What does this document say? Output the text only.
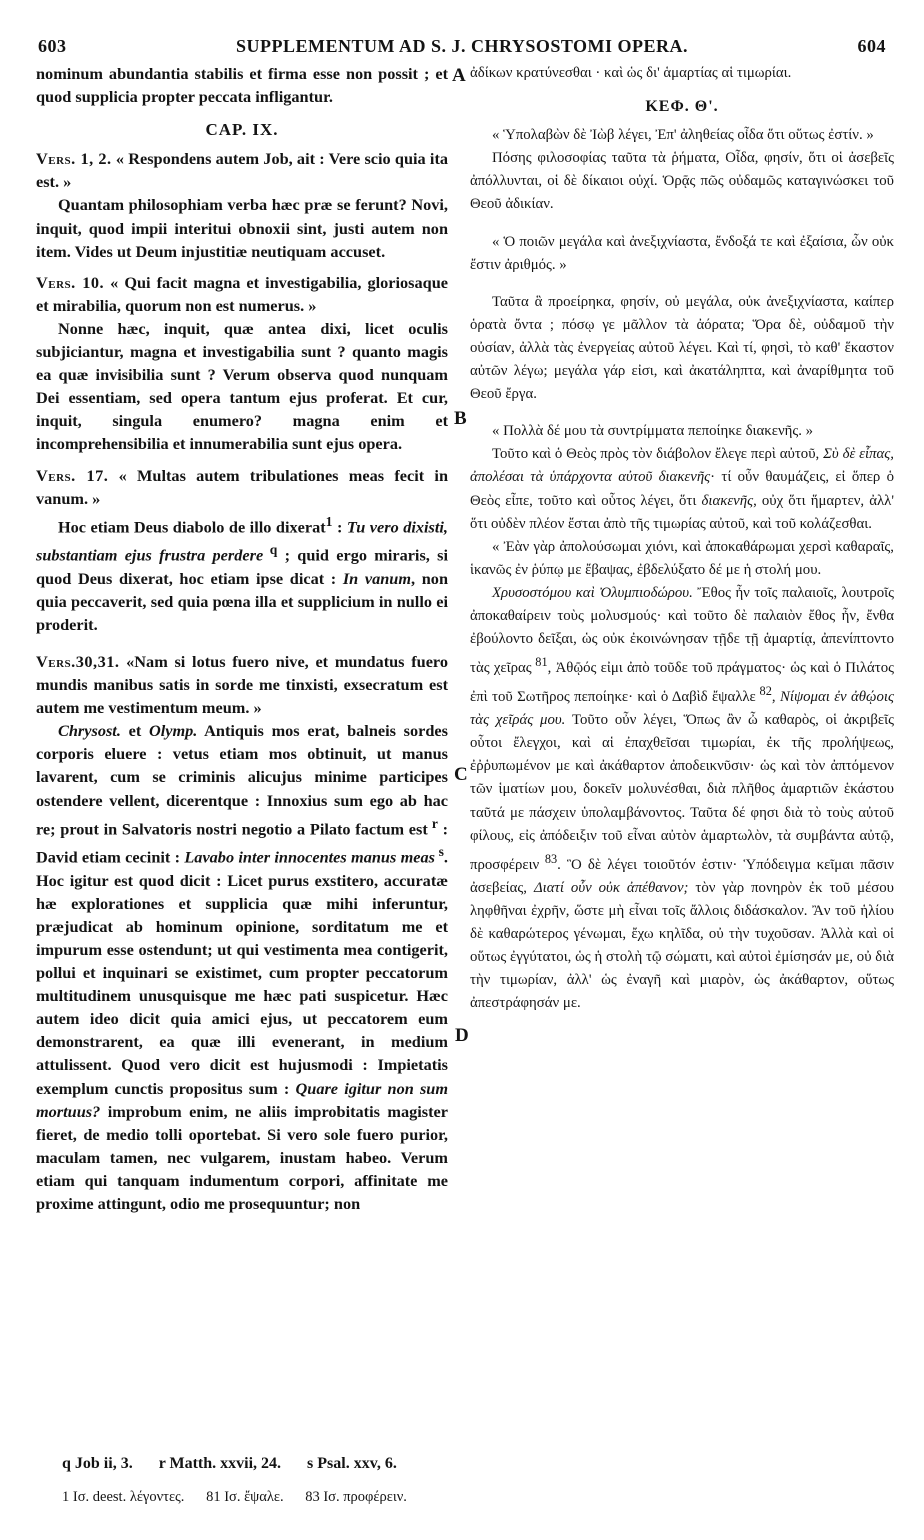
603	SUPPLEMENTUM AD S. J. CHRYSOSTOMI OPERA.	604
A
B
C
D

nominum abundantia stabilis et firma esse non possit ; et quod supplicia propter peccata infligantur.

CAP. IX.

Vers. 1, 2. « Respondens autem Job, ait : Vere scio quia ita est. »

Quantam philosophiam verba hæc præ se ferunt? Novi, inquit, quod impii interitui obnoxii sint, justi autem non item. Vides ut Deum injustitiæ neutiquam accuset.

Vers. 10. « Qui facit magna et investigabilia, gloriosaque et mirabilia, quorum non est numerus. »

Nonne hæc, inquit, quæ antea dixi, licet oculis subjiciantur, magna et investigabilia sunt ? quanto magis ea quæ invisibilia sunt ? Verum observa quod nunquam Dei essentiam, sed opera tantum ejus proferat. Et cur, inquit, singula enumero? magna enim et incomprehensibilia et innumerabilia sunt ejus opera.

Vers. 17. « Multas autem tribulationes meas fecit in vanum. »

Hoc etiam Deus diabolo de illo dixerat$^1$ : Tu vero dixisti, substantiam ejus frustra perdere $^q$ ; quid ergo miraris, si quod Deus dixerat, hoc etiam ipse dicat : In vanum, non quia peccaverit, sed quia pœna illa et supplicium in nullo ei proderit.

Vers.30,31. «Nam si lotus fuero nive, et mundatus fuero mundis manibus satis in sorde me tinxisti, exsecratum est autem me vestimentum meum. »

Chrysost. et Olymp. Antiquis mos erat, balneis sordes corporis eluere : vetus etiam mos obtinuit, ut manus lavarent, cum se criminis alicujus minime participes ostendere vellent, dicerentque : Innoxius sum ego ab hac re; prout in Salvatoris nostri negotio a Pilato factum est $^r$ : David etiam cecinit : Lavabo inter innocentes manus meas $^s$. Hoc igitur est quod dicit : Licet purus exstitero, accuratæ hæ explorationes et supplicia quæ mihi inferuntur, præjudicat ab hominum opinione, sorditatum me et impurum esse ostendunt; ut qui vestimenta mea contigerit, pollui et inquinari se existimet, cum propter peccatorum multitudinem unusquisque me hæc pati suspicetur. Hæc autem ideo dicit quia amici ejus, ut peccatorem eum demonstrarent, ea quæ illi evenerant, in medium attulissent. Quod vero dicit est hujusmodi : Impietatis exemplum cunctis propositus sum : Quare igitur non sum mortuus? improbum enim, ne aliis improbitatis magister fieret, de medio tolli oportebat. Si vero sole fuero purior, maculam tamen, nec vulgarem, inustam habeo. Verum etiam qui tanquam indumentum corpori, affinitate me proxime attingunt, odio me prosequuntur; non

ἀδίκων κρατύνεσθαι · καὶ ὡς δι' ἁμαρτίας αἱ τιμωρίαι.

ΚΕΦ. Θ'.

« Ὑπολαβὼν δὲ Ἰὼβ λέγει, Ἐπ' ἀληθείας οἶδα ὅτι οὕτως ἐστίν. »

Πόσης φιλοσοφίας ταῦτα τὰ ῥήματα, Οἶδα, φησίν, ὅτι οἱ ἀσεβεῖς ἀπόλλυνται, οἱ δὲ δίκαιοι οὐχί. Ὁρᾷς πῶς οὐδαμῶς καταγινώσκει τοῦ Θεοῦ ἀδικίαν.

« Ὁ ποιῶν μεγάλα καὶ ἀνεξιχνίαστα, ἔνδοξά τε καὶ ἐξαίσια, ὧν οὐκ ἔστιν ἀριθμός. »

Ταῦτα ἃ προείρηκα, φησίν, οὐ μεγάλα, οὐκ ἀνεξιχνίαστα, καίπερ ὁρατὰ ὄντα ; πόσῳ γε μᾶλλον τὰ ἀόρατα; Ὅρα δὲ, οὐδαμοῦ τὴν οὐσίαν, ἀλλὰ τὰς ἐνεργείας αὐτοῦ λέγει. Καὶ τί, φησὶ, τὸ καθ' ἕκαστον αὐτῶν λέγω; μεγάλα γάρ εἰσι, καὶ ἀκατάληπτα, καὶ ἀναρίθμητα τοῦ Θεοῦ ἔργα.

« Πολλὰ δέ μου τὰ συντρίμματα πεποίηκε διακενῆς. »

Τοῦτο καὶ ὁ Θεὸς πρὸς τὸν διάβολον ἔλεγε περὶ αὐτοῦ, Σὺ δὲ εἶπας, ἀπολέσαι τὰ ὑπάρχοντα αὐτοῦ διακενῆς· τί οὖν θαυμάζεις, εἰ ὅπερ ὁ Θεὸς εἶπε, τοῦτο καὶ οὗτος λέγει, ὅτι διακενῆς, οὐχ ὅτι ἥμαρτεν, ἀλλ' ὅτι οὐδὲν πλέον ἔσται ἀπὸ τῆς τιμωρίας αὐτοῦ, καὶ τοῦ κολάζεσθαι.

« Ἐὰν γὰρ ἀπολούσωμαι χιόνι, καὶ ἀποκαθάρωμαι χερσὶ καθαραῖς, ἱκανῶς ἐν ῥύπῳ με ἔβαψας, ἐβδελύξατο δέ με ἡ στολή μου.

Χρυσοστόμου καὶ Ὀλυμπιοδώρου. Ἔθος ἦν τοῖς παλαιοῖς, λουτροῖς ἀποκαθαίρειν τοὺς μολυσμούς· καὶ τοῦτο δὲ παλαιὸν ἔθος ἦν, ἔνθα ἐβούλοντο δεῖξαι, ὡς οὐκ ἐκοινώνησαν τῇδε τῇ ἁμαρτίᾳ, ἀπενίπτοντο τὰς χεῖρας $^{81}$, Ἀθῷός εἰμι ἀπὸ τοῦδε τοῦ πράγματος· ὡς καὶ ὁ Πιλάτος ἐπὶ τοῦ Σωτῆρος πεποίηκε· καὶ ὁ Δαβὶδ ἔψαλλε $^{82}$, Νίψομαι ἐν ἀθῴοις τὰς χεῖράς μου. Τοῦτο οὖν λέγει, Ὅπως ἂν ὦ καθαρὸς, οἱ ἀκριβεῖς οὗτοι ἔλεγχοι, καὶ αἱ ἐπαχθεῖσαι τιμωρίαι, ἐκ τῆς προλήψεως, ἐῤῥυπωμένον με καὶ ἀκάθαρτον ἀποδεικνῦσιν· ὡς καὶ τὸν ἀπτόμενον τῶν ἱματίων μου, δοκεῖν μολυνέσθαι, διὰ πλῆθος ἁμαρτιῶν ἑκάστου ταῦτά με πάσχειν ὑπολαμβάνοντος. Ταῦτα δέ φησι διὰ τὸ τοὺς αὐτοῦ φίλους, εἰς ἀπόδειξιν τοῦ εἶναι αὐτὸν ἁμαρτωλὸν, τὰ συμβάντα αὐτῷ, προσφέρειν $^{83}$. Ὃ δὲ λέγει τοιοῦτόν ἐστιν· Ὑπόδειγμα κεῖμαι πᾶσιν ἀσεβείας, Διατί οὖν οὐκ ἀπέθανον; τὸν γὰρ πονηρὸν ἐκ τοῦ μέσου ληφθῆναι ἐχρῆν, ὥστε μὴ εἶναι τοῖς ἄλλοις διδάσκαλον. Ἂν τοῦ ἡλίου δὲ καθαρώτερος γένωμαι, ἔχω κηλῖδα, οὐ τὴν τυχοῦσαν. Ἀλλὰ καὶ οἱ οὕτως ἐγγύτατοι, ὡς ἡ στολὴ τῷ σώματι, καὶ αὐτοὶ ἐμίσησάν με, οὐ διὰ τὴν τιμωρίαν, ἀλλ' ὡς ἐναγῆ καὶ μιαρὸν, ὡς ἀκάθαρτον, οὕτως ἀπεστράφησάν με.

q Job ii, 3. r Matth. xxvii, 24. s Psal. xxv, 6.
1 Ισ. deest. λέγοντες. 81 Ισ. ἔψαλε. 83 Ισ. προφέρειν.
